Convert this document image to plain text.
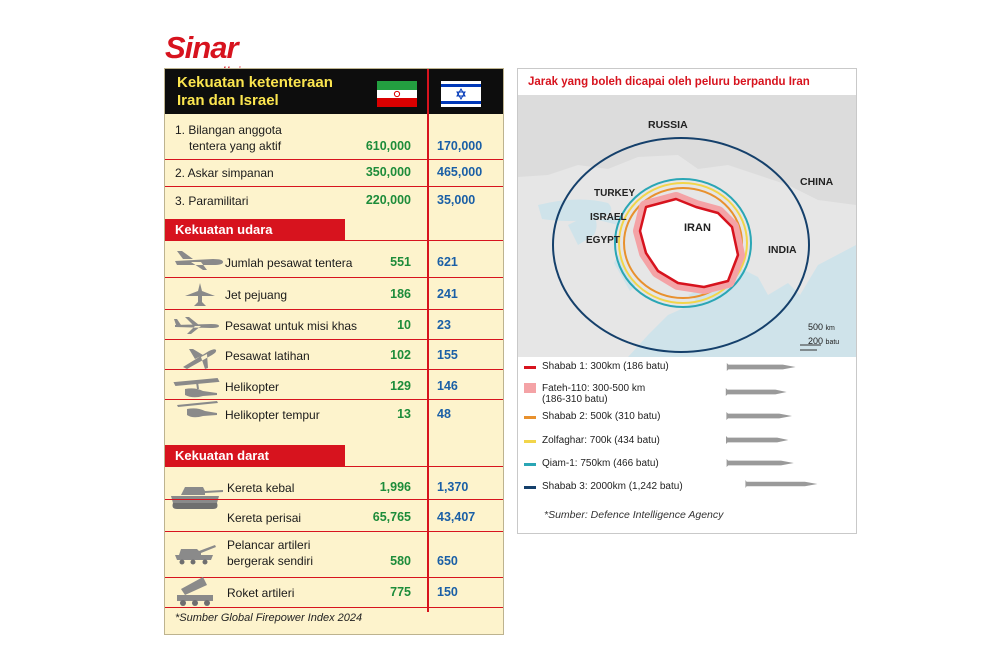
Sinar
Kekuatan ketenteraan
Iran dan Israel
1. Bilangan anggota
tentera yang aktif	610,000 170,000
2. Askar simpanan	350,000 465,000
3. Paramilitari	220,000 35,000
Kekuatan udara
Jumlah pesawat tentera	551 621
Jet pejuang	186 241
Pesawat untuk misi khas	10 23
Pesawat latihan	102 155
Helikopter	129 146
Helikopter tempur	13 48
Kekuatan darat
Kereta kebal	1,996 1,370
Kereta perisai	65,765 43,407
Pelancar artileri
bergerak sendiri	580 650
Roket artileri	775 150
*Sumber Global Firepower Index 2024
Jarak yang boleh dicapai oleh peluru berpandu Iran
RUSSIA
CHINA
TURKEY
ISRAEL
EGYPT
IRAN
INDIA
500 km
200 batu
Shabab 1: 300km (186 batu)
Fateh-110: 300-500 km
(186-310 batu)
Shabab 2: 500k (310 batu)
Zolfaghar: 700k (434 batu)
Qiam-1: 750km (466 batu)
Shabab 3: 2000km (1,242 batu)
*Sumber: Defence Intelligence Agency
